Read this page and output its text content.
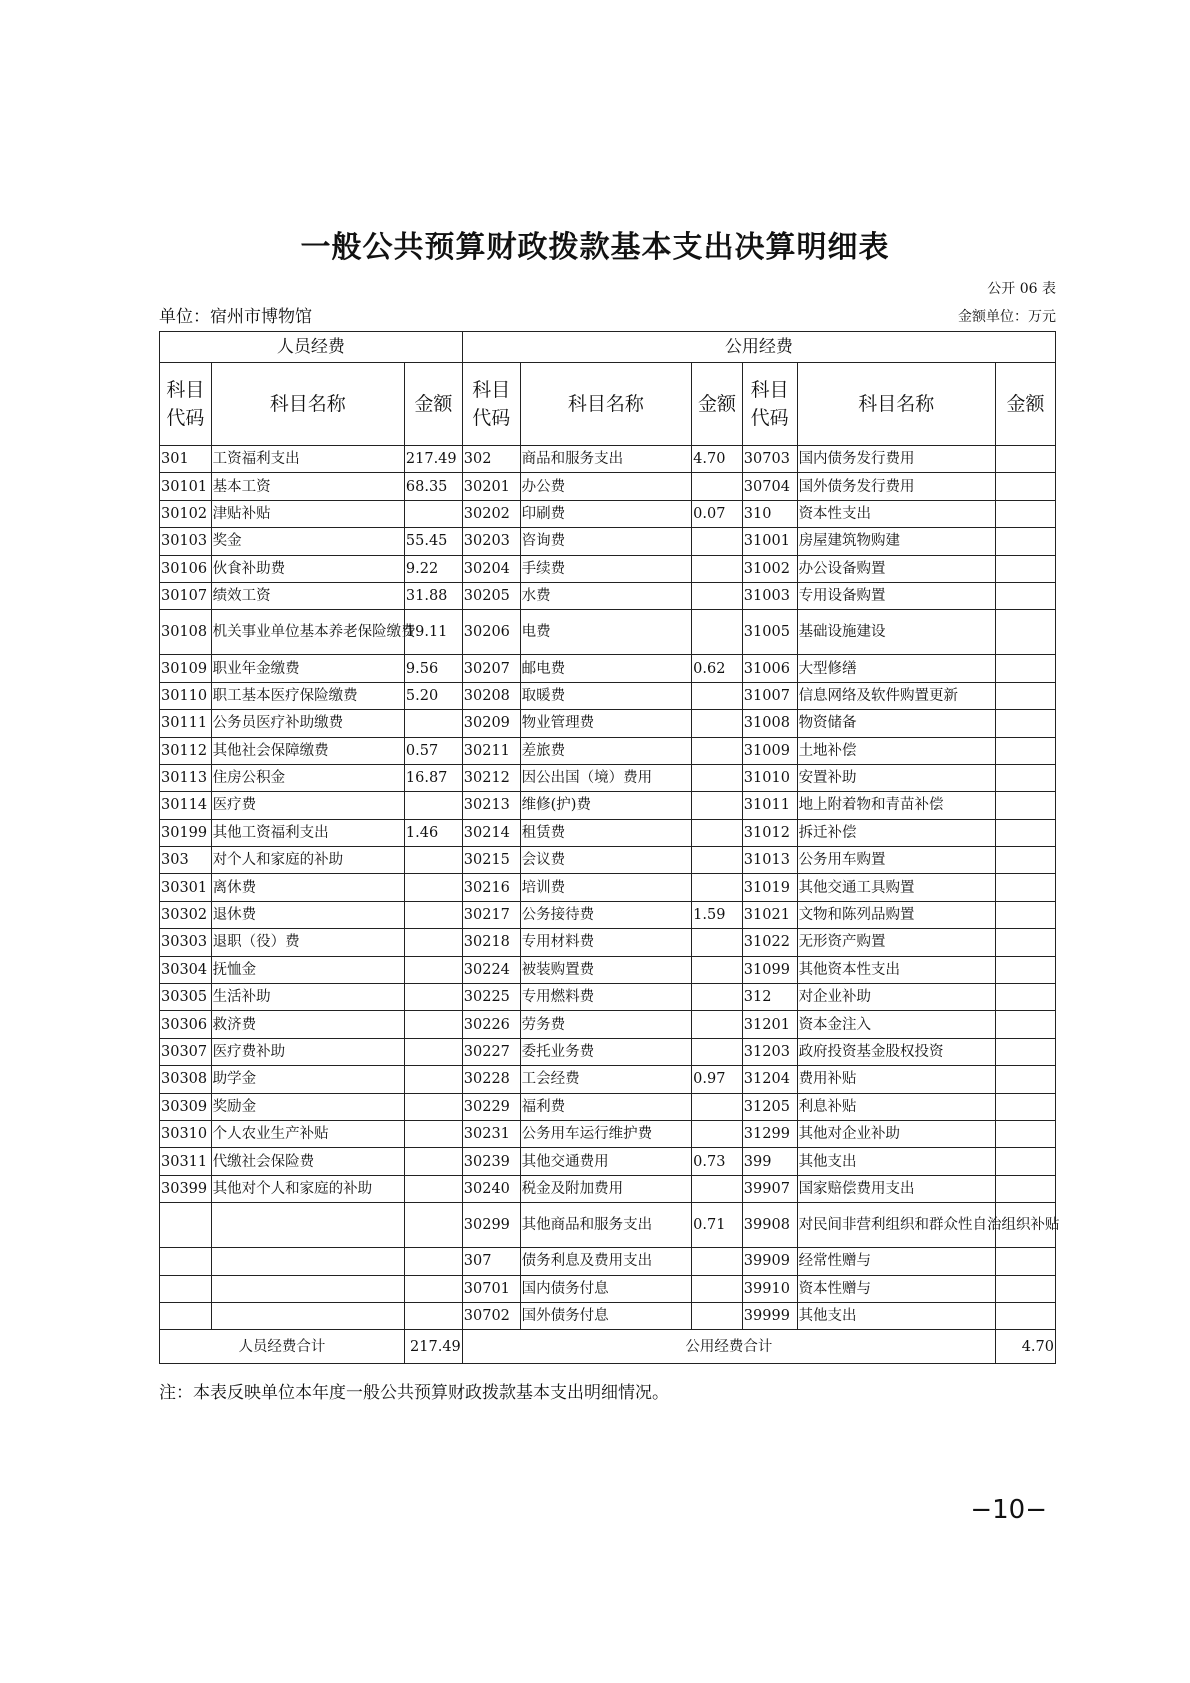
一般公共预算财政拨款基本支出决算明细表
公开 06 表
单位：宿州市博物馆	金额单位：万元
人员经费			公用经费					
科目代码	科目名称	金额	科目代码	科目名称	金额	科目代码	科目名称	金额
301	工资福利支出	217.49	302	商品和服务支出	4.70	30703	国内债务发行费用	
30101	基本工资	68.35	30201	办公费		30704	国外债务发行费用	
30102	津贴补贴		30202	印刷费	0.07	310	资本性支出	
30103	奖金	55.45	30203	咨询费		31001	房屋建筑物购建	
30106	伙食补助费	9.22	30204	手续费		31002	办公设备购置	
30107	绩效工资	31.88	30205	水费		31003	专用设备购置	
30108	机关事业单位基本养老保险缴费	19.11	30206	电费		31005	基础设施建设	
30109	职业年金缴费	9.56	30207	邮电费	0.62	31006	大型修缮	
30110	职工基本医疗保险缴费	5.20	30208	取暖费		31007	信息网络及软件购置更新	
30111	公务员医疗补助缴费		30209	物业管理费		31008	物资储备	
30112	其他社会保障缴费	0.57	30211	差旅费		31009	土地补偿	
30113	住房公积金	16.87	30212	因公出国（境）费用		31010	安置补助	
30114	医疗费		30213	维修(护)费		31011	地上附着物和青苗补偿	
30199	其他工资福利支出	1.46	30214	租赁费		31012	拆迁补偿	
303	对个人和家庭的补助		30215	会议费		31013	公务用车购置	
30301	离休费		30216	培训费		31019	其他交通工具购置	
30302	退休费		30217	公务接待费	1.59	31021	文物和陈列品购置	
30303	退职（役）费		30218	专用材料费		31022	无形资产购置	
30304	抚恤金		30224	被装购置费		31099	其他资本性支出	
30305	生活补助		30225	专用燃料费		312	对企业补助	
30306	救济费		30226	劳务费		31201	资本金注入	
30307	医疗费补助		30227	委托业务费		31203	政府投资基金股权投资	
30308	助学金		30228	工会经费	0.97	31204	费用补贴	
30309	奖励金		30229	福利费		31205	利息补贴	
30310	个人农业生产补贴		30231	公务用车运行维护费		31299	其他对企业补助	
30311	代缴社会保险费		30239	其他交通费用	0.73	399	其他支出	
30399	其他对个人和家庭的补助		30240	税金及附加费用		39907	国家赔偿费用支出	
			30299	其他商品和服务支出	0.71	39908	对民间非营利组织和群众性自治组织补贴	
			307	债务利息及费用支出		39909	经常性赠与	
			30701	国内债务付息		39910	资本性赠与	
			30702	国外债务付息		39999	其他支出	
人员经费合计		217.49	公用经费合计					4.70
注：本表反映单位本年度一般公共预算财政拨款基本支出明细情况。
−10−
